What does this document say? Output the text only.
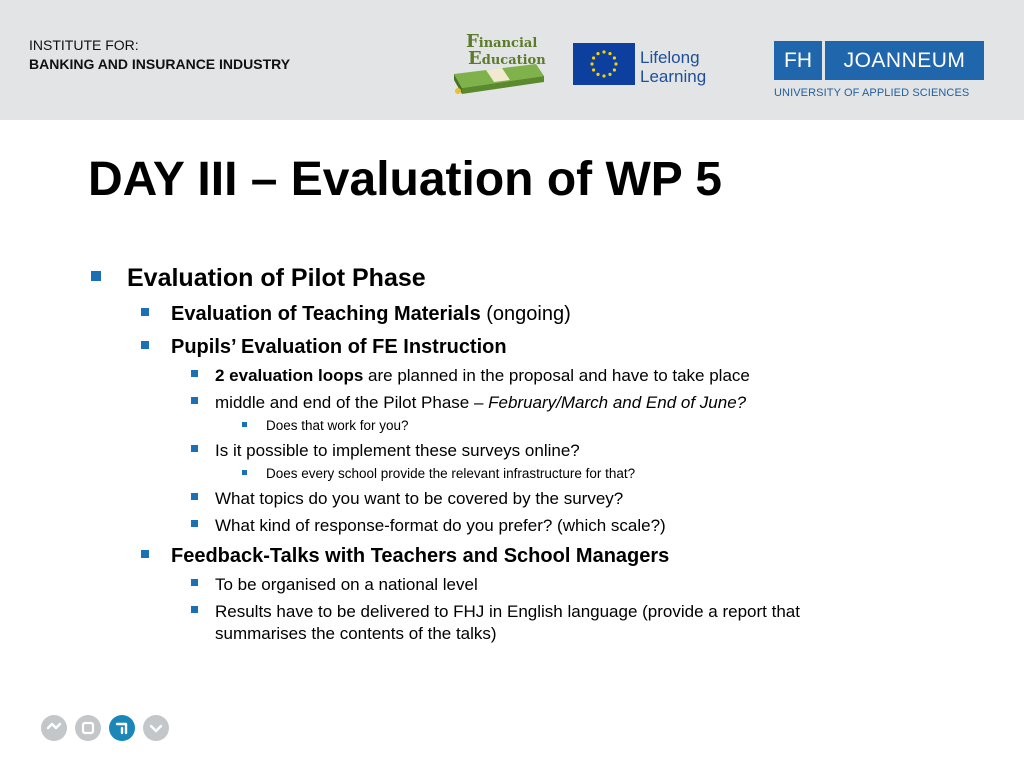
INSTITUTE FOR:
BANKING AND INSURANCE INDUSTRY
Financial
Education	Lifelong
Learning
FH	JOANNEUM
UNIVERSITY OF APPLIED SCIENCES
DAY III – Evaluation of WP 5
Evaluation of Pilot Phase
Evaluation of Teaching Materials (ongoing)
Pupils’ Evaluation of FE Instruction
2 evaluation loops are planned in the proposal and have to take place
middle and end of the Pilot Phase – February/March and End of June?
Does that work for you?
Is it possible to implement these surveys online?
Does every school provide the relevant infrastructure for that?
What topics do you want to be covered by the survey?
What kind of response-format do you prefer? (which scale?)
Feedback-Talks with Teachers and School Managers
To be organised on a national level
Results have to be delivered to FHJ in English language (provide a report that
summarises the contents of the talks)
